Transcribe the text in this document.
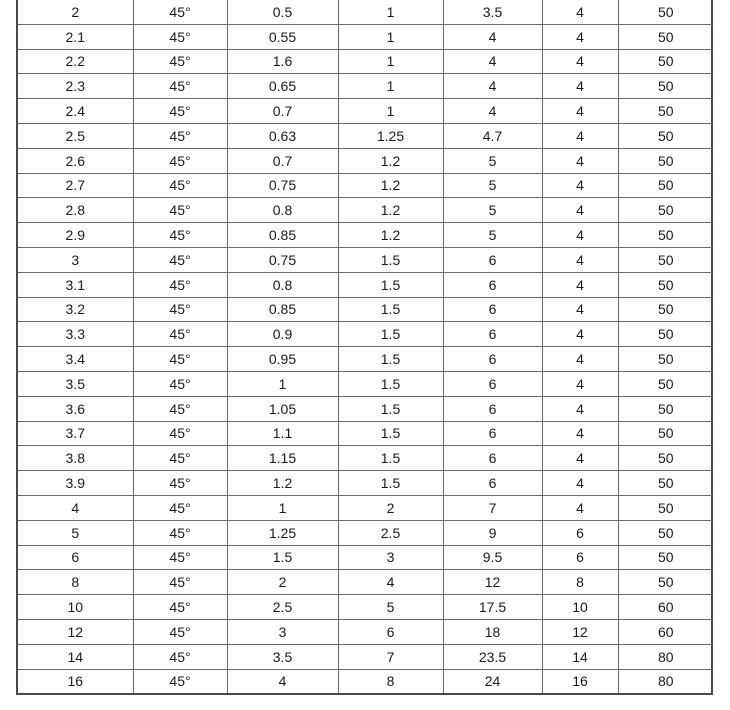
2	45°	0.5	1	3.5	4	50
2.1	45°	0.55	1	4	4	50
2.2	45°	1.6	1	4	4	50
2.3	45°	0.65	1	4	4	50
2.4	45°	0.7	1	4	4	50
2.5	45°	0.63	1.25	4.7	4	50
2.6	45°	0.7	1.2	5	4	50
2.7	45°	0.75	1.2	5	4	50
2.8	45°	0.8	1.2	5	4	50
2.9	45°	0.85	1.2	5	4	50
3	45°	0.75	1.5	6	4	50
3.1	45°	0.8	1.5	6	4	50
3.2	45°	0.85	1.5	6	4	50
3.3	45°	0.9	1.5	6	4	50
3.4	45°	0.95	1.5	6	4	50
3.5	45°	1	1.5	6	4	50
3.6	45°	1.05	1.5	6	4	50
3.7	45°	1.1	1.5	6	4	50
3.8	45°	1.15	1.5	6	4	50
3.9	45°	1.2	1.5	6	4	50
4	45°	1	2	7	4	50
5	45°	1.25	2.5	9	6	50
6	45°	1.5	3	9.5	6	50
8	45°	2	4	12	8	50
10	45°	2.5	5	17.5	10	60
12	45°	3	6	18	12	60
14	45°	3.5	7	23.5	14	80
16	45°	4	8	24	16	80
